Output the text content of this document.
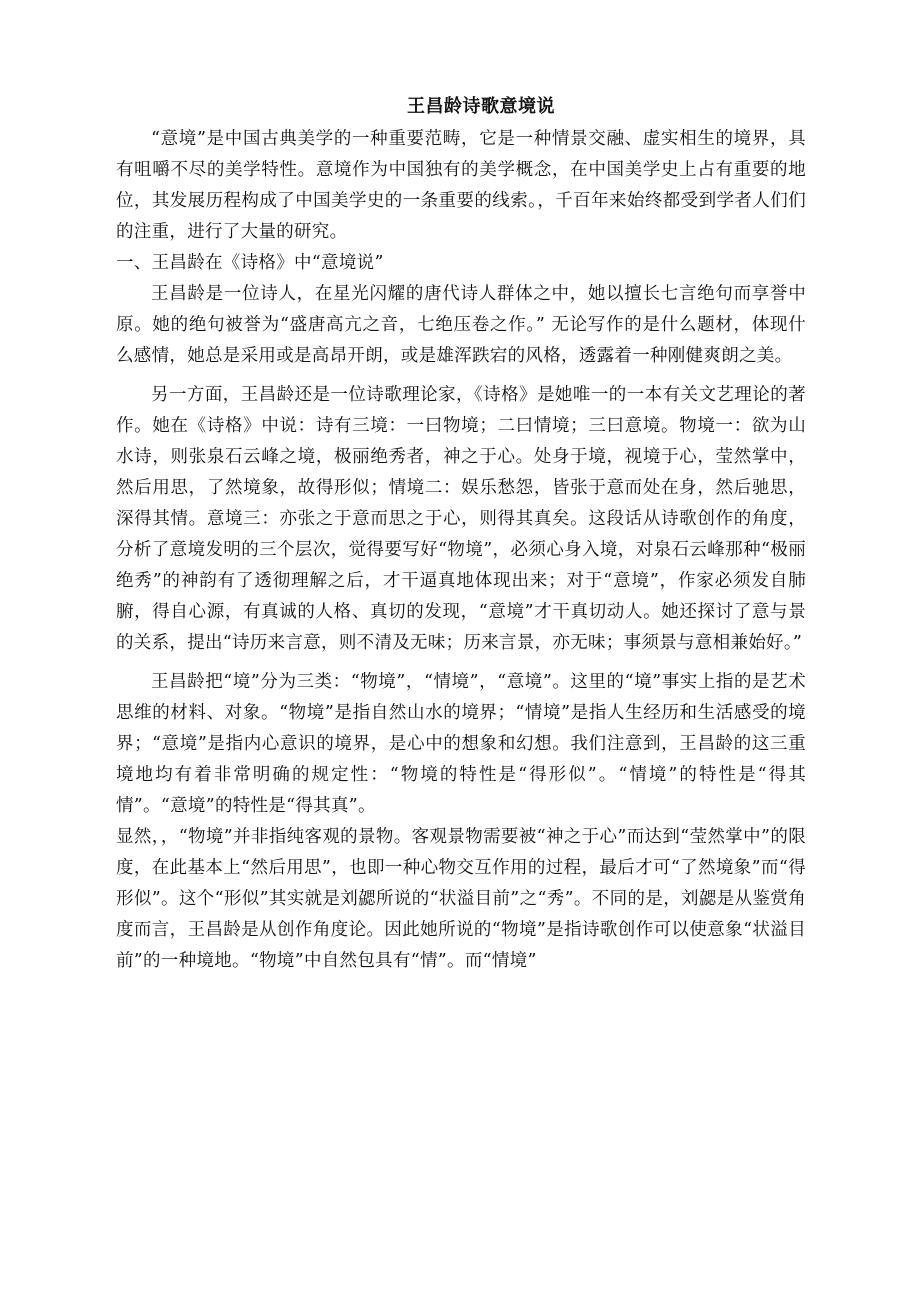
王昌龄诗歌意境说

“意境”是中国古典美学的一种重要范畴，它是一种情景交融、虚实相生的境界，具有咀嚼不尽的美学特性。意境作为中国独有的美学概念，在中国美学史上占有重要的地位，其发展历程构成了中国美学史的一条重要的线索。，千百年来始终都受到学者人们们的注重，进行了大量的研究。

一、王昌龄在《诗格》中“意境说”

王昌龄是一位诗人，在星光闪耀的唐代诗人群体之中，她以擅长七言绝句而享誉中原。她的绝句被誉为“盛唐高亢之音，七绝压卷之作。” 无论写作的是什么题材，体现什么感情，她总是采用或是高昂开朗，或是雄浑跌宕的风格，透露着一种刚健爽朗之美。

另一方面，王昌龄还是一位诗歌理论家，《诗格》是她唯一的一本有关文艺理论的著作。她在《诗格》中说：诗有三境：一曰物境；二曰情境；三曰意境。物境一：欲为山水诗，则张泉石云峰之境，极丽绝秀者，神之于心。处身于境，视境于心，莹然掌中，然后用思，了然境象，故得形似；情境二：娱乐愁怨，皆张于意而处在身，然后驰思，深得其情。意境三：亦张之于意而思之于心，则得其真矣。这段话从诗歌创作的角度，分析了意境发明的三个层次，觉得要写好“物境”，必须心身入境，对泉石云峰那种“极丽绝秀”的神韵有了透彻理解之后，才干逼真地体现出来；对于“意境”，作家必须发自肺腑，得自心源，有真诚的人格、真切的发现，“意境”才干真切动人。她还探讨了意与景的关系，提出“诗历来言意，则不清及无味；历来言景，亦无味；事须景与意相兼始好。”

王昌龄把“境”分为三类：“物境”，“情境”，“意境”。这里的“境”事实上指的是艺术思维的材料、对象。“物境”是指自然山水的境界；“情境”是指人生经历和生活感受的境界；“意境”是指内心意识的境界，是心中的想象和幻想。我们注意到，王昌龄的这三重境地均有着非常明确的规定性：“物境的特性是“得形似”。“情境”的特性是“得其情”。“意境”的特性是“得其真”。

显然，，“物境”并非指纯客观的景物。客观景物需要被“神之于心”而达到“莹然掌中”的限度，在此基本上“然后用思”，也即一种心物交互作用的过程，最后才可“了然境象”而“得形似”。这个“形似”其实就是刘勰所说的“状溢目前”之“秀”。不同的是，刘勰是从鉴赏角度而言，王昌龄是从创作角度论。因此她所说的“物境”是指诗歌创作可以使意象“状溢目前”的一种境地。“物境”中自然包具有“情”。而“情境”
